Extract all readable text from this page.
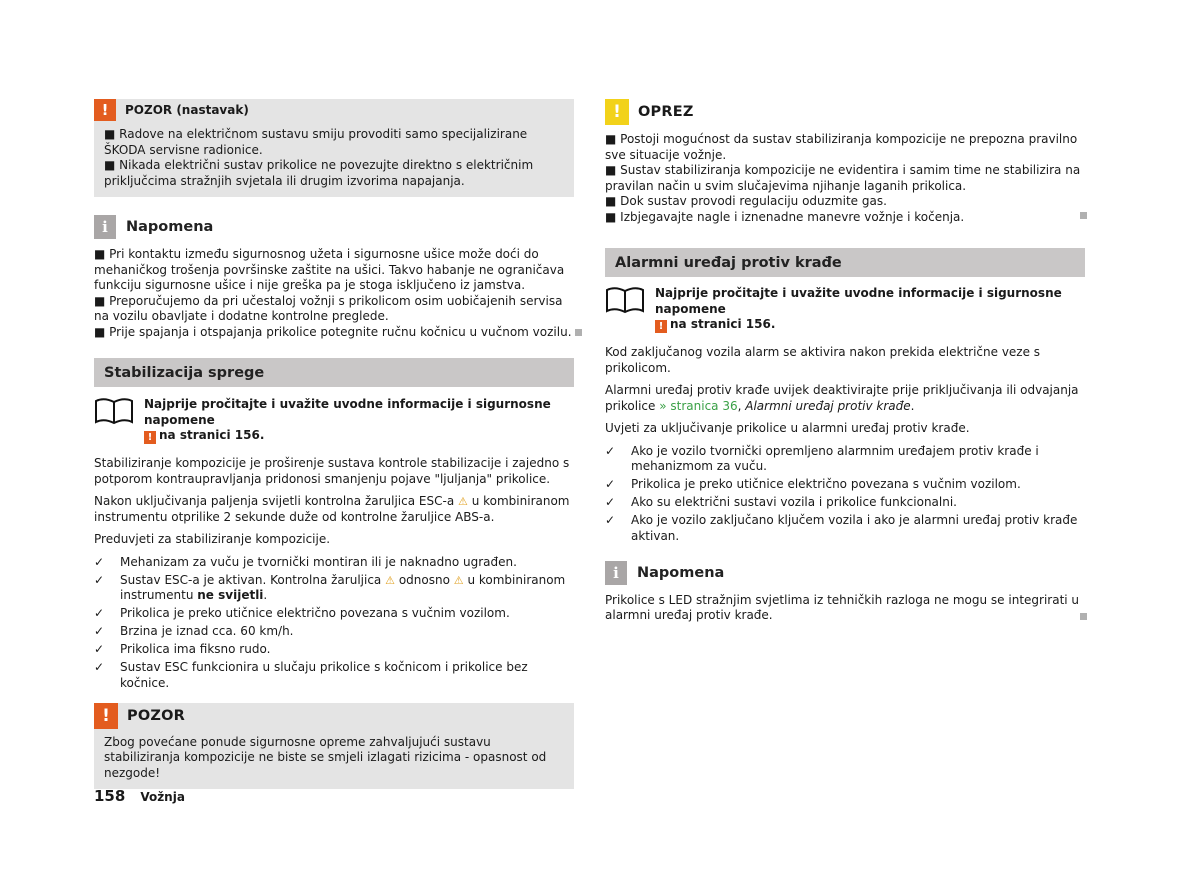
!	POZOR (nastavak)

■ Radove na električnom sustavu smiju provoditi samo specijalizirane ŠKODA servisne radionice.

■ Nikada električni sustav prikolice ne povezujte direktno s električnim priključcima stražnjih svjetala ili drugim izvorima napajanja.

i	Napomena

■ Pri kontaktu između sigurnosnog užeta i sigurnosne ušice može doći do mehaničkog trošenja površinske zaštite na ušici. Takvo habanje ne ograničava funkciju sigurnosne ušice i nije greška pa je stoga isključeno iz jamstva.

■ Preporučujemo da pri učestaloj vožnji s prikolicom osim uobičajenih servisa na vozilu obavljate i dodatne kontrolne preglede.

■ Prije spajanja i otspajanja prikolice potegnite ručnu kočnicu u vučnom vozilu.

Stabilizacija sprege
Najprije pročitajte i uvažite uvodne informacije i sigurnosne napomene
! na stranici 156.

Stabiliziranje kompozicije je proširenje sustava kontrole stabilizacije i zajedno s potporom kontraupravljanja pridonosi smanjenju pojave "ljuljanja" prikolice.

Nakon uključivanja paljenja svijetli kontrolna žaruljica ESC-a ⚠ u kombiniranom instrumentu otprilike 2 sekunde duže od kontrolne žaruljice ABS-a.

Preduvjeti za stabiliziranje kompozicije.

✓ Mehanizam za vuču je tvornički montiran ili je naknadno ugrađen.
✓ Sustav ESC-a je aktivan. Kontrolna žaruljica ⚠ odnosno ⚠ u kombiniranom instrumentu ne svijetli.
✓ Prikolica je preko utičnice električno povezana s vučnim vozilom.
✓ Brzina je iznad cca. 60 km/h.
✓ Prikolica ima fiksno rudo.
✓ Sustav ESC funkcionira u slučaju prikolice s kočnicom i prikolice bez kočnice.
!	POZOR

Zbog povećane ponude sigurnosne opreme zahvaljujući sustavu stabiliziranja kompozicije ne biste se smjeli izlagati rizicima - opasnost od nezgode!

!	OPREZ

■ Postoji mogućnost da sustav stabiliziranja kompozicije ne prepozna pravilno sve situacije vožnje.

■ Sustav stabiliziranja kompozicije ne evidentira i samim time ne stabilizira na pravilan način u svim slučajevima njihanje laganih prikolica.

■ Dok sustav provodi regulaciju oduzmite gas.

■ Izbjegavajte nagle i iznenadne manevre vožnje i kočenja.

Alarmni uređaj protiv krađe
Najprije pročitajte i uvažite uvodne informacije i sigurnosne napomene
! na stranici 156.

Kod zaključanog vozila alarm se aktivira nakon prekida električne veze s prikolicom.

Alarmni uređaj protiv krađe uvijek deaktivirajte prije priključivanja ili odvajanja prikolice » stranica 36, Alarmni uređaj protiv krađe.

Uvjeti za uključivanje prikolice u alarmni uređaj protiv krađe.

✓ Ako je vozilo tvornički opremljeno alarmnim uređajem protiv krađe i mehanizmom za vuču.
✓ Prikolica je preko utičnice električno povezana s vučnim vozilom.
✓ Ako su električni sustavi vozila i prikolice funkcionalni.
✓ Ako je vozilo zaključano ključem vozila i ako je alarmni uređaj protiv krađe aktivan.
i	Napomena

Prikolice s LED stražnjim svjetlima iz tehničkih razloga ne mogu se integrirati u alarmni uređaj protiv krađe.

158 Vožnja
